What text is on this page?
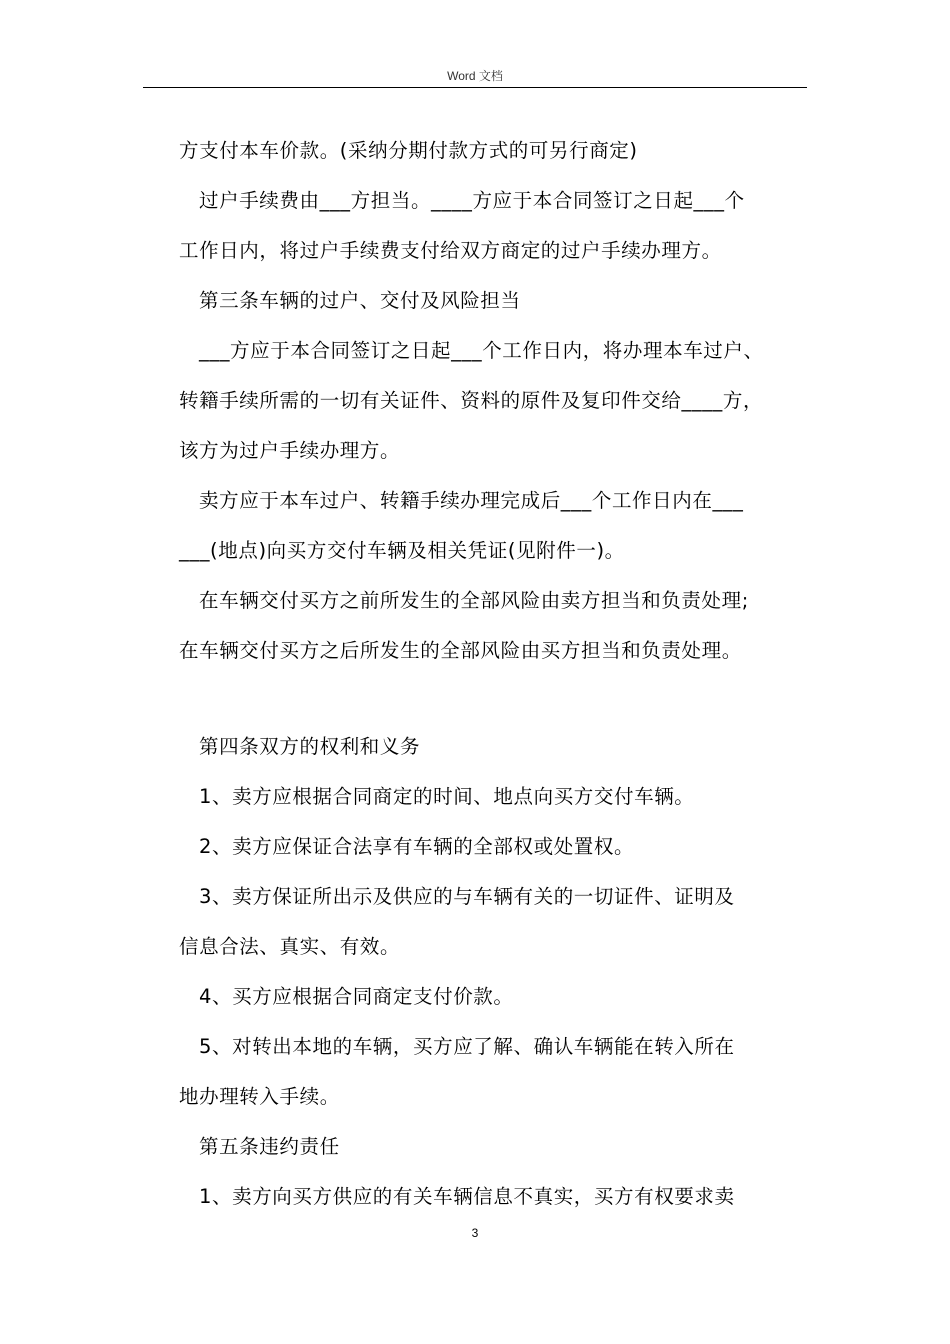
Word 文档
方支付本车价款。(采纳分期付款方式的可另行商定)
过户手续费由___方担当。____方应于本合同签订之日起___个
工作日内，将过户手续费支付给双方商定的过户手续办理方。
第三条车辆的过户、交付及风险担当
___方应于本合同签订之日起___个工作日内，将办理本车过户、
转籍手续所需的一切有关证件、资料的原件及复印件交给____方，
该方为过户手续办理方。
卖方应于本车过户、转籍手续办理完成后___个工作日内在___
___(地点)向买方交付车辆及相关凭证(见附件一)。
在车辆交付买方之前所发生的全部风险由卖方担当和负责处理;
在车辆交付买方之后所发生的全部风险由买方担当和负责处理。
第四条双方的权利和义务
1、卖方应根据合同商定的时间、地点向买方交付车辆。
2、卖方应保证合法享有车辆的全部权或处置权。
3、卖方保证所出示及供应的与车辆有关的一切证件、证明及
信息合法、真实、有效。
4、买方应根据合同商定支付价款。
5、对转出本地的车辆，买方应了解、确认车辆能在转入所在
地办理转入手续。
第五条违约责任
1、卖方向买方供应的有关车辆信息不真实，买方有权要求卖
3
